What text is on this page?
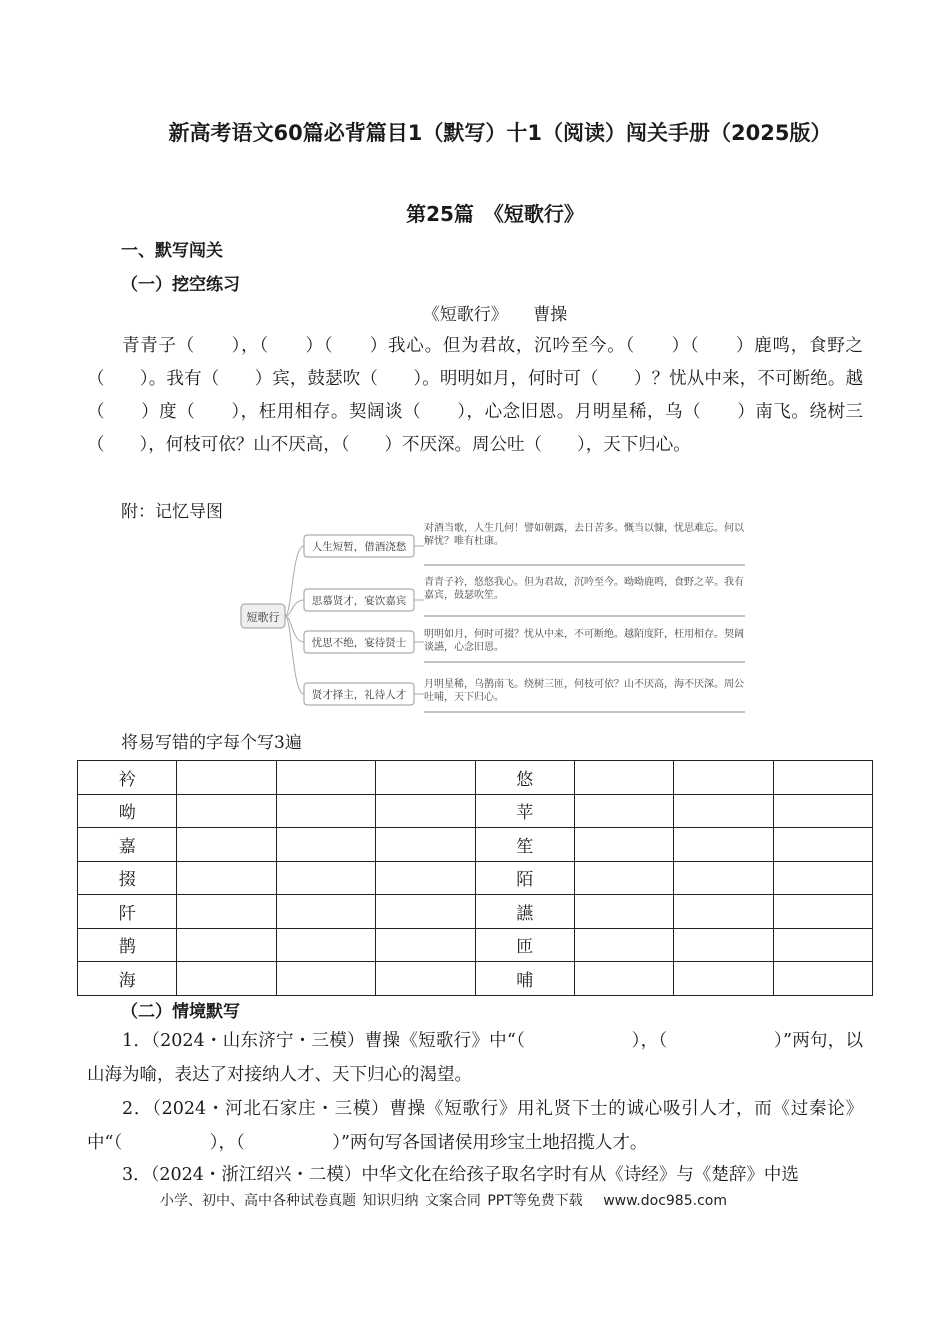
新高考语文60篇必背篇目1（默写）十1（阅读）闯关手册（2025版）
第25篇　《短歌行》
一、默写闯关
（一）挖空练习
《短歌行》　　曹操
青青子（　　），（　　）（　　）我心。但为君故，沉吟至今。（　　）（　　）鹿鸣，食野之（　　）。我有（　　）宾，鼓瑟吹（　　）。明明如月，何时可（　　）？忧从中来，不可断绝。越（　　）度（　　），枉用相存。契阔谈（　　），心念旧恩。月明星稀，乌（　　）南飞。绕树三（　　），何枝可依？山不厌高，（　　）不厌深。周公吐（　　），天下归心。
附：记忆导图
短歌行
人生短暂，借酒浇愁
对酒当歌，人生几何！譬如朝露，去日苦多。慨当以慷，忧思难忘。何以解忧？唯有杜康。
思慕贤才，宴饮嘉宾
青青子衿，悠悠我心。但为君故，沉吟至今。呦呦鹿鸣，食野之苹。我有嘉宾，鼓瑟吹笙。
忧思不绝，宴待贤士
明明如月，何时可掇？忧从中来，不可断绝。越陌度阡，枉用相存。契阔谈讌，心念旧恩。
贤才择主，礼待人才
月明星稀，乌鹊南飞。绕树三匝，何枝可依？山不厌高，海不厌深。周公吐哺，天下归心。
将易写错的字每个写3遍
衿				悠			
呦				苹			
嘉				笙			
掇				陌			
阡				讌			
鹊				匝			
海				哺			
（二）情境默写
1．（2024・山东济宁・三模）曹操《短歌行》中“（　　　　　　），（　　　　　　）”两句，以山海为喻，表达了对接纳人才、天下归心的渴望。
2．（2024・河北石家庄・三模）曹操《短歌行》用礼贤下士的诚心吸引人才，而《过秦论》中“（　　　　　），（　　　　　）”两句写各国诸侯用珍宝土地招揽人才。
3．（2024・浙江绍兴・二模）中华文化在给孩子取名字时有从《诗经》与《楚辞》中选
小学、初中、高中各种试卷真题 知识归纳 文案合同 PPT等免费下载　 www.doc985.com
